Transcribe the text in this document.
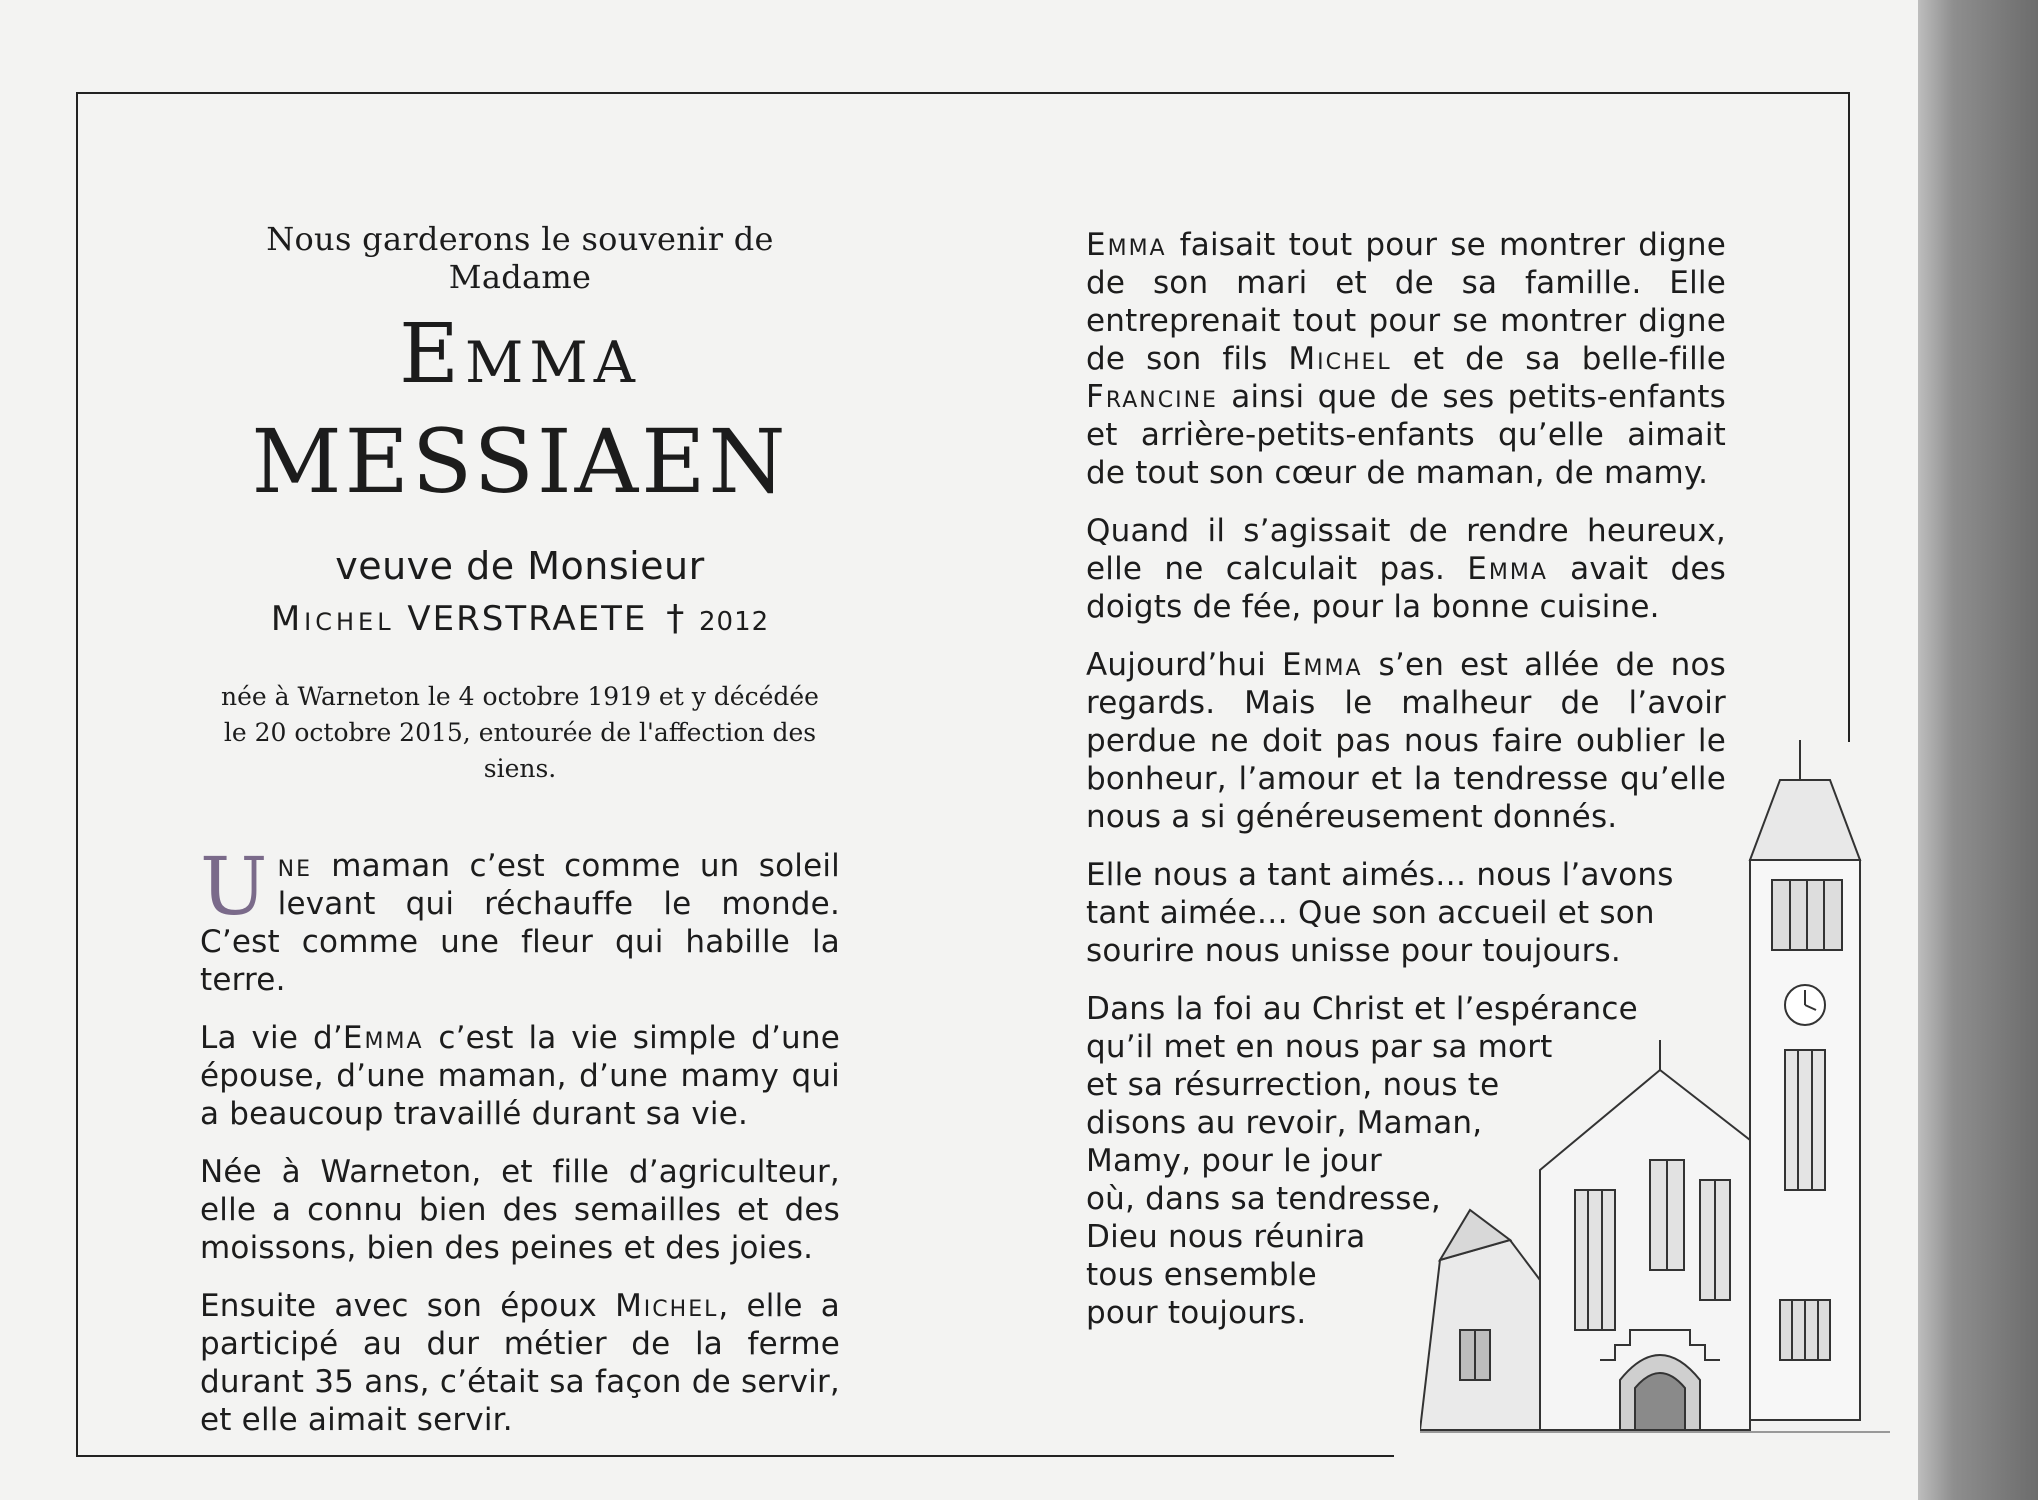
Nous garderons le souvenir de Madame
Emma
MESSIAEN
veuve de Monsieur
Michel VERSTRAETE † 2012
née à Warneton le 4 octobre 1919 et y décédée
le 20 octobre 2015, entourée de l'affection des siens.

Une maman c’est comme un soleil levant qui réchauffe le monde. C’est comme une fleur qui habille la terre.

La vie d’Emma c’est la vie simple d’une épouse, d’une maman, d’une mamy qui a beaucoup travaillé durant sa vie.

Née à Warneton, et fille d’agriculteur, elle a connu bien des semailles et des moissons, bien des peines et des joies.

Ensuite avec son époux Michel, elle a participé au dur métier de la ferme durant 35 ans, c’était sa façon de servir, et elle aimait servir.

Emma faisait tout pour se montrer digne de son mari et de sa famille. Elle entreprenait tout pour se montrer digne de son fils Michel et de sa belle-fille Francine ainsi que de ses petits-enfants et arrière-petits-enfants qu’elle aimait de tout son cœur de maman, de mamy.

Quand il s’agissait de rendre heureux, elle ne calculait pas. Emma avait des doigts de fée, pour la bonne cuisine.

Aujourd’hui Emma s’en est allée de nos regards. Mais le malheur de l’avoir perdue ne doit pas nous faire oublier le bonheur, l’amour et la tendresse qu’elle nous a si généreusement donnés.

Elle nous a tant aimés… nous l’avons tant aimée… Que son accueil et son sourire nous unisse pour toujours.

Dans la foi au Christ et l’espérance
qu’il met en nous par sa mort
et sa résurrection, nous te
disons au revoir, Maman,
Mamy, pour le jour
où, dans sa tendresse,
Dieu nous réunira
tous ensemble
pour toujours.
